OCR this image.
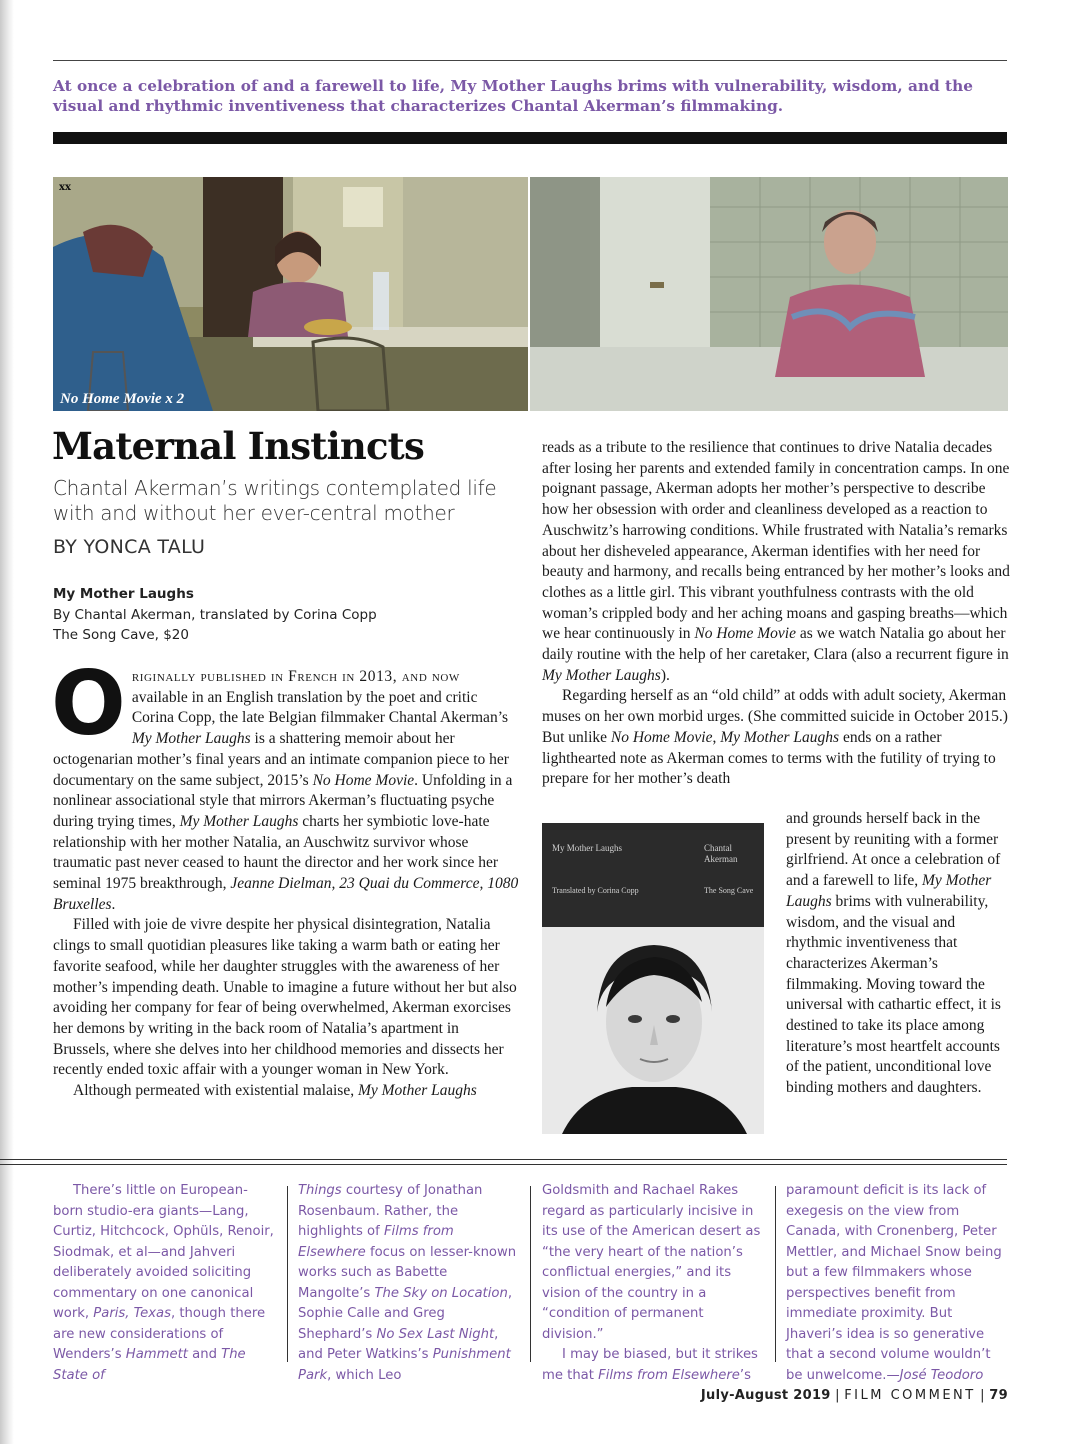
At once a celebration of and a farewell to life, My Mother Laughs brims with vulnerability, wisdom, and the visual and rhythmic inventiveness that characterizes Chantal Akerman’s filmmaking.
xx
No Home Movie x 2
Maternal Instincts
Chantal Akerman’s writings contemplated life with and without her ever-central mother
BY YONCA TALU
My Mother Laughs
By Chantal Akerman, translated by Corina Copp
The Song Cave, $20

Originally published in French in 2013, and now available in an English translation by the poet and critic Corina Copp, the late Belgian filmmaker Chantal Akerman’s My Mother Laughs is a shattering memoir about her octogenarian mother’s final years and an intimate companion piece to her documentary on the same subject, 2015’s No Home Movie. Unfolding in a nonlinear associational style that mirrors Akerman’s fluctuating psyche during trying times, My Mother Laughs charts her symbiotic love-hate relationship with her mother Natalia, an Auschwitz survivor whose traumatic past never ceased to haunt the director and her work since her seminal 1975 breakthrough, Jeanne Dielman, 23 Quai du Commerce, 1080 Bruxelles.

Filled with joie de vivre despite her physical disintegration, Natalia clings to small quotidian pleasures like taking a warm bath or eating her favorite seafood, while her daughter struggles with the awareness of her mother’s impending death. Unable to imagine a future without her but also avoiding her company for fear of being overwhelmed, Akerman exorcises her demons by writing in the back room of Natalia’s apartment in Brussels, where she delves into her childhood memories and dissects her recently ended toxic affair with a younger woman in New York.

Although permeated with existential malaise, My Mother Laughs

reads as a tribute to the resilience that continues to drive Natalia decades after losing her parents and extended family in concentration camps. In one poignant passage, Akerman adopts her mother’s perspective to describe how her obsession with order and cleanliness developed as a reaction to Auschwitz’s harrowing conditions. While frustrated with Natalia’s remarks about her disheveled appearance, Akerman identifies with her need for beauty and harmony, and recalls being entranced by her mother’s looks and clothes as a little girl. This vibrant youthfulness contrasts with the old woman’s crippled body and her aching moans and gasping breaths—which we hear continuously in No Home Movie as we watch Natalia go about her daily routine with the help of her caretaker, Clara (also a recurrent figure in My Mother Laughs).

Regarding herself as an “old child” at odds with adult society, Akerman muses on her own morbid urges. (She committed suicide in October 2015.) But unlike No Home Movie, My Mother Laughs ends on a rather lighthearted note as Akerman comes to terms with the futility of trying to prepare for her mother’s death

My Mother Laughs	Chantal
Akerman
Translated by Corina Copp	The Song Cave

and grounds herself back in the present by reuniting with a former girlfriend. At once a celebration of and a farewell to life, My Mother Laughs brims with vulnerability, wisdom, and the visual and rhythmic inventiveness that characterizes Akerman’s filmmaking. Moving toward the universal with cathartic effect, it is destined to take its place among literature’s most heartfelt accounts of the patient, unconditional love binding mothers and daughters.

There’s little on European-born studio-era giants—Lang, Curtiz, Hitchcock, Ophüls, Renoir, Siodmak, et al—and Jahveri deliberately avoided soliciting commentary on one canonical work, Paris, Texas, though there are new considerations of Wenders’s Hammett and The State of

Things courtesy of Jonathan Rosenbaum. Rather, the highlights of Films from Elsewhere focus on lesser-known works such as Babette Mangolte’s The Sky on Location, Sophie Calle and Greg Shephard’s No Sex Last Night, and Peter Watkins’s Punishment Park, which Leo

Goldsmith and Rachael Rakes regard as particularly incisive in its use of the American desert as “the very heart of the nation’s conflictual energies,” and its vision of the country in a “condition of permanent division.”

I may be biased, but it strikes me that Films from Elsewhere’s

paramount deficit is its lack of exegesis on the view from Canada, with Cronenberg, Peter Mettler, and Michael Snow being but a few filmmakers whose perspectives benefit from immediate proximity. But Jhaveri’s idea is so generative that a second volume wouldn’t be unwelcome.—José Teodoro

July-August 2019 | FILM COMMENT | 79
